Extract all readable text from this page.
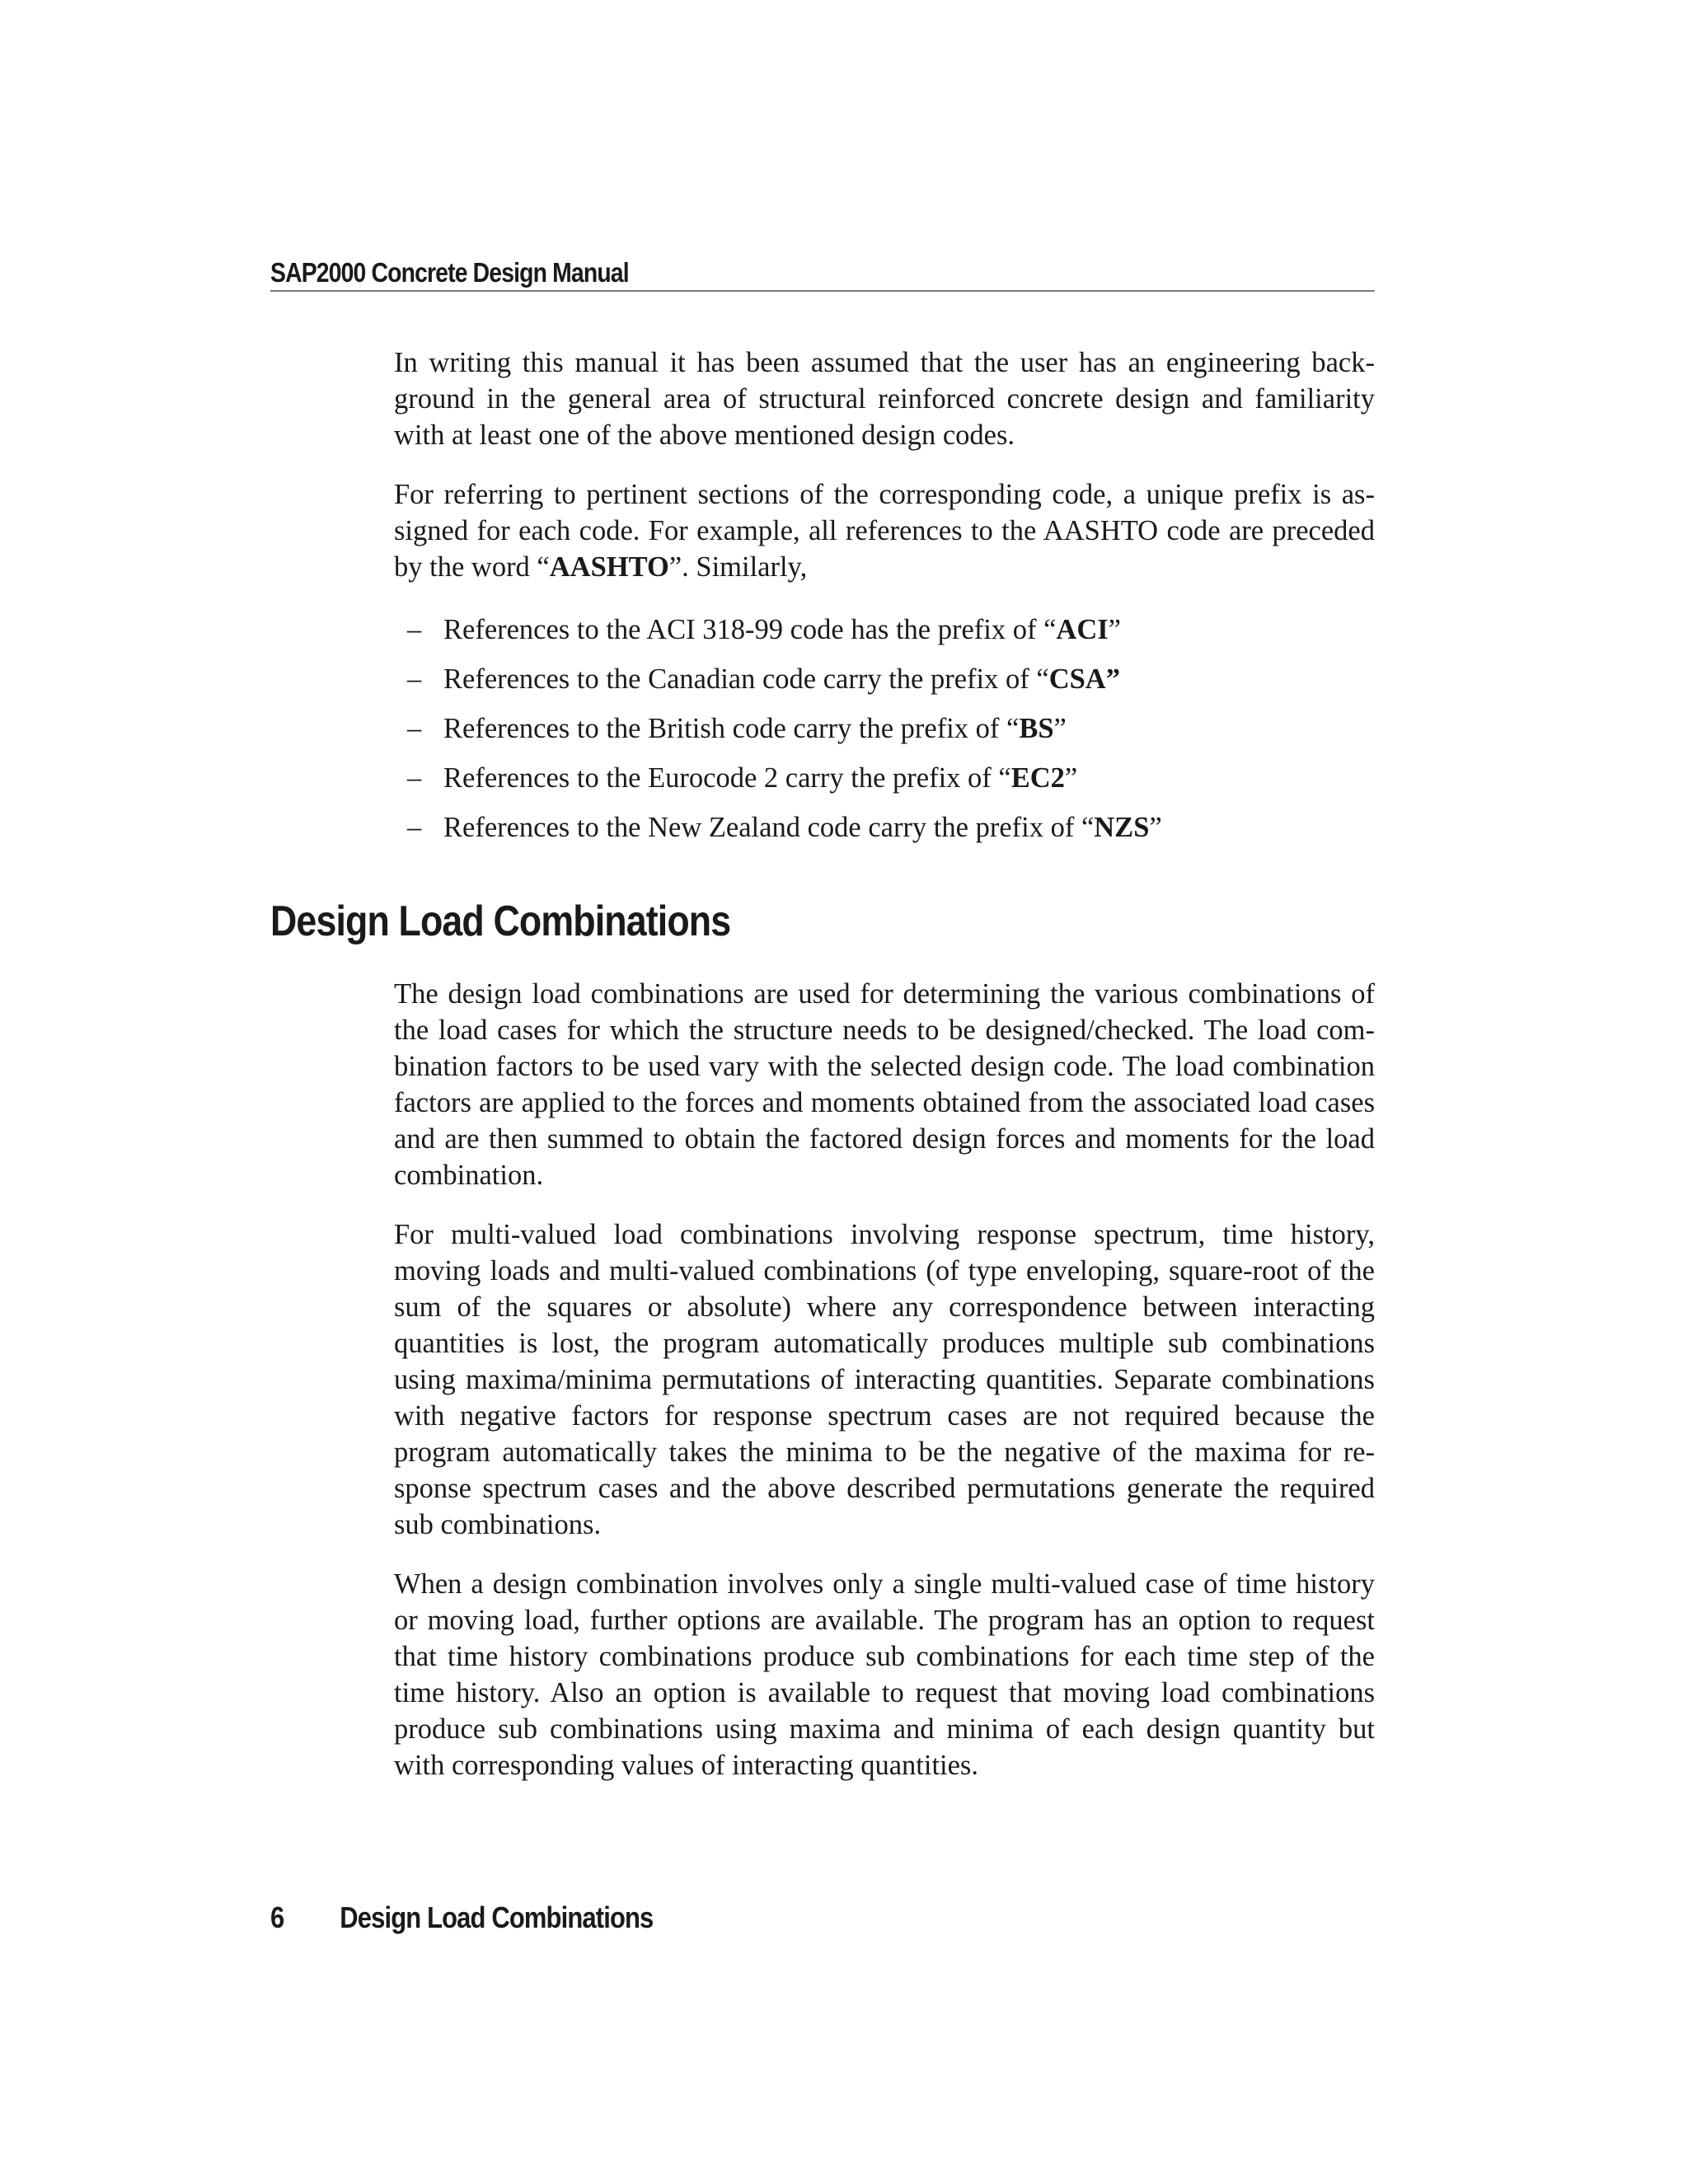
SAP2000 Concrete Design Manual

In writing this manual it has been assumed that the user has an engineering background in the general area of structural reinforced concrete design and familiarity with at least one of the above mentioned design codes.

For referring to pertinent sections of the corresponding code, a unique prefix is assigned for each code. For example, all references to the AASHTO code are preceded by the word “AASHTO”. Similarly,

– References to the ACI 318-99 code has the prefix of “ACI”
– References to the Canadian code carry the prefix of “CSA”
– References to the British code carry the prefix of “BS”
– References to the Eurocode 2 carry the prefix of “EC2”
– References to the New Zealand code carry the prefix of “NZS”
Design Load Combinations

The design load combinations are used for determining the various combinations of the load cases for which the structure needs to be designed/checked. The load combination factors to be used vary with the selected design code. The load combination factors are applied to the forces and moments obtained from the associated load cases and are then summed to obtain the factored design forces and moments for the load combination.

For multi-valued load combinations involving response spectrum, time history, moving loads and multi-valued combinations (of type enveloping, square-root of the sum of the squares or absolute) where any correspondence between interacting quantities is lost, the program automatically produces multiple sub combinations using maxima/minima permutations of interacting quantities. Separate combinations with negative factors for response spectrum cases are not required because the program automatically takes the minima to be the negative of the maxima for response spectrum cases and the above described permutations generate the required sub combinations.

When a design combination involves only a single multi-valued case of time history or moving load, further options are available. The program has an option to request that time history combinations produce sub combinations for each time step of the time history. Also an option is available to request that moving load combinations produce sub combinations using maxima and minima of each design quantity but with corresponding values of interacting quantities.

6 Design Load Combinations
